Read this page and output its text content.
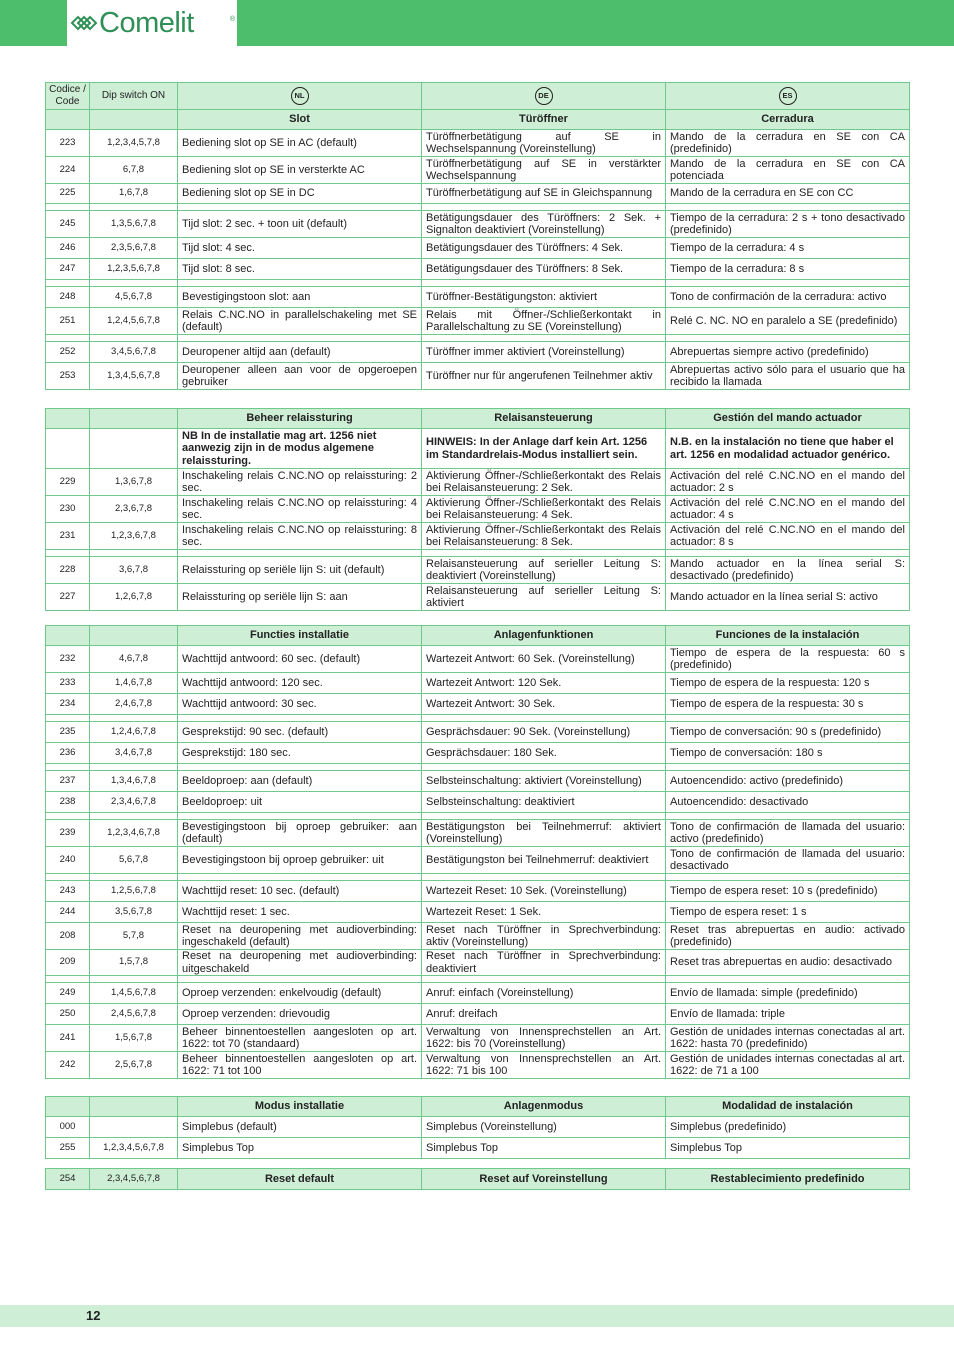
Comelit	®
Codice / Code	Dip switch ON	NL	DE	ES
		Slot	Türöffner	Cerradura
223	1,2,3,4,5,7,8	Bediening slot op SE in AC (default)	Türöffnerbetätigung auf SE in Wechselspannung (Voreinstellung)	Mando de la cerradura en SE con CA (predefinido)
224	6,7,8	Bediening slot op SE in versterkte AC	Türöffnerbetätigung auf SE in verstärkter Wechselspannung	Mando de la cerradura en SE con CA potenciada
225	1,6,7,8	Bediening slot op SE in DC	Türöffnerbetätigung auf SE in Gleichspannung	Mando de la cerradura en SE con CC

245	1,3,5,6,7,8	Tijd slot: 2 sec. + toon uit (default)	Betätigungsdauer des Türöffners: 2 Sek. + Signalton deaktiviert (Voreinstellung)	Tiempo de la cerradura: 2 s + tono desactivado (predefinido)
246	2,3,5,6,7,8	Tijd slot: 4 sec.	Betätigungsdauer des Türöffners: 4 Sek.	Tiempo de la cerradura: 4 s
247	1,2,3,5,6,7,8	Tijd slot: 8 sec.	Betätigungsdauer des Türöffners: 8 Sek.	Tiempo de la cerradura: 8 s

248	4,5,6,7,8	Bevestigingstoon slot: aan	Türöffner-Bestätigungston: aktiviert	Tono de confirmación de la cerradura: activo
251	1,2,4,5,6,7,8	Relais C.NC.NO in parallelschakeling met SE (default)	Relais mit Öffner-/Schließerkontakt in Parallelschaltung zu SE (Voreinstellung)	Relé C. NC. NO en paralelo a SE (predefinido)

252	3,4,5,6,7,8	Deuropener altijd aan (default)	Türöffner immer aktiviert (Voreinstellung)	Abrepuertas siempre activo (predefinido)
253	1,3,4,5,6,7,8	Deuropener alleen aan voor de opgeroepen gebruiker	Türöffner nur für angerufenen Teilnehmer aktiv	Abrepuertas activo sólo para el usuario que ha recibido la llamada
		Beheer relaissturing	Relaisansteuerung	Gestión del mando actuador
		NB In de installatie mag art. 1256 niet aanwezig zijn in de modus algemene relaissturing.	HINWEIS: In der Anlage darf kein Art. 1256 im Standardrelais-Modus installiert sein.	N.B. en la instalación no tiene que haber el art. 1256 en modalidad actuador genérico.
229	1,3,6,7,8	Inschakeling relais C.NC.NO op relaissturing: 2 sec.	Aktivierung Öffner-/Schließerkontakt des Relais bei Relaisansteuerung: 2 Sek.	Activación del relé C.NC.NO en el mando del actuador: 2 s
230	2,3,6,7,8	Inschakeling relais C.NC.NO op relaissturing: 4 sec.	Aktivierung Öffner-/Schließerkontakt des Relais bei Relaisansteuerung: 4 Sek.	Activación del relé C.NC.NO en el mando del actuador: 4 s
231	1,2,3,6,7,8	Inschakeling relais C.NC.NO op relaissturing: 8 sec.	Aktivierung Öffner-/Schließerkontakt des Relais bei Relaisansteuerung: 8 Sek.	Activación del relé C.NC.NO en el mando del actuador: 8 s

228	3,6,7,8	Relaissturing op seriële lijn S: uit (default)	Relaisansteuerung auf serieller Leitung S: deaktiviert (Voreinstellung)	Mando actuador en la línea serial S: desactivado (predefinido)
227	1,2,6,7,8	Relaissturing op seriële lijn S: aan	Relaisansteuerung auf serieller Leitung S: aktiviert	Mando actuador en la línea serial S: activo
		Functies installatie	Anlagenfunktionen	Funciones de la instalación
232	4,6,7,8	Wachttijd antwoord: 60 sec. (default)	Wartezeit Antwort: 60 Sek. (Voreinstellung)	Tiempo de espera de la respuesta: 60 s (predefinido)
233	1,4,6,7,8	Wachttijd antwoord: 120 sec.	Wartezeit Antwort: 120 Sek.	Tiempo de espera de la respuesta: 120 s
234	2,4,6,7,8	Wachttijd antwoord: 30 sec.	Wartezeit Antwort: 30 Sek.	Tiempo de espera de la respuesta: 30 s

235	1,2,4,6,7,8	Gesprekstijd: 90 sec. (default)	Gesprächsdauer: 90 Sek. (Voreinstellung)	Tiempo de conversación: 90 s (predefinido)
236	3,4,6,7,8	Gesprekstijd: 180 sec.	Gesprächsdauer: 180 Sek.	Tiempo de conversación: 180 s

237	1,3,4,6,7,8	Beeldoproep: aan (default)	Selbsteinschaltung: aktiviert (Voreinstellung)	Autoencendido: activo (predefinido)
238	2,3,4,6,7,8	Beeldoproep: uit	Selbsteinschaltung: deaktiviert	Autoencendido: desactivado

239	1,2,3,4,6,7,8	Bevestigingstoon bij oproep gebruiker: aan (default)	Bestätigungston bei Teilnehmerruf: aktiviert (Voreinstellung)	Tono de confirmación de llamada del usuario: activo (predefinido)
240	5,6,7,8	Bevestigingstoon bij oproep gebruiker: uit	Bestätigungston bei Teilnehmerruf: deaktiviert	Tono de confirmación de llamada del usuario: desactivado

243	1,2,5,6,7,8	Wachttijd reset: 10 sec. (default)	Wartezeit Reset: 10 Sek. (Voreinstellung)	Tiempo de espera reset: 10 s (predefinido)
244	3,5,6,7,8	Wachttijd reset: 1 sec.	Wartezeit Reset: 1 Sek.	Tiempo de espera reset: 1 s
208	5,7,8	Reset na deuropening met audioverbinding: ingeschakeld (default)	Reset nach Türöffner in Sprechverbindung: aktiv (Voreinstellung)	Reset tras abrepuertas en audio: activado (predefinido)
209	1,5,7,8	Reset na deuropening met audioverbinding: uitgeschakeld	Reset nach Türöffner in Sprechverbindung: deaktiviert	Reset tras abrepuertas en audio: desactivado

249	1,4,5,6,7,8	Oproep verzenden: enkelvoudig (default)	Anruf: einfach (Voreinstellung)	Envío de llamada: simple (predefinido)
250	2,4,5,6,7,8	Oproep verzenden: drievoudig	Anruf: dreifach	Envío de llamada: triple
241	1,5,6,7,8	Beheer binnentoestellen aangesloten op art. 1622: tot 70 (standaard)	Verwaltung von Innensprechstellen an Art. 1622: bis 70 (Voreinstellung)	Gestión de unidades internas conectadas al art. 1622: hasta 70 (predefinido)
242	2,5,6,7,8	Beheer binnentoestellen aangesloten op art. 1622: 71 tot 100	Verwaltung von Innensprechstellen an Art. 1622: 71 bis 100	Gestión de unidades internas conectadas al art. 1622: de 71 a 100
		Modus installatie	Anlagenmodus	Modalidad de instalación
000		Simplebus (default)	Simplebus (Voreinstellung)	Simplebus (predefinido)
255	1,2,3,4,5,6,7,8	Simplebus Top	Simplebus Top	Simplebus Top
254	2,3,4,5,6,7,8	Reset default	Reset auf Voreinstellung	Restablecimiento predefinido
12
